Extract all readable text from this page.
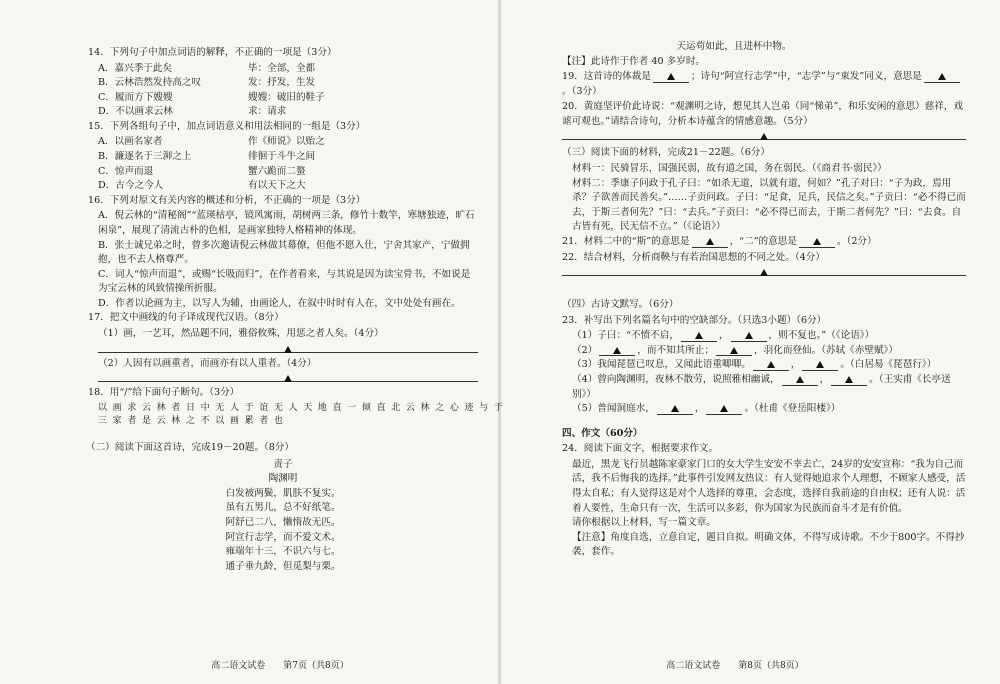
14．下列句子中加点词语的解释，不正确的一项是（3分）

A．嘉兴季于此矣	毕：全部，全都

B．云林浩然发持高之叹	发：抒发，生发

C．履而方下嫂嫂	嫂嫂：破旧的鞋子

D．不以画求云林	求：请求

15．下列各组句子中，加点词语意义和用法相同的一组是（3分）

A．以画名家者	作《师说》以贻之

B．濂逐名于三泖之上	徘徊于斗牛之间

C．惊声而退	蟹六跪而二螯

D．古今之今人	有以天下之大

16．下列对原文有关内容的概述和分析，不正确的一项是（3分）

A．倪云林的“清秘阁”“蓝瑛枯亭，镜风寓雨，胡树两三条，修竹十数竿，寒塘独迹，旷石闲泉”，展现了清流古朴的色相，是画家独特人格精神的体现。

B．张士诚兄弟之时，曾多次邀请倪云林做其幕僚，但他不愿入仕，宁舍其家产，宁做拥抱，也不去人格尊严。

C．词人“惊声而退”，或赐“长吸而归”，在作者看来，与其说是因为读宝骨书，不如说是为宝云林的风致情操所折服。

D．作者以论画为主，以写人为辅，由画论人，在叙中时时有人在，文中处处有画在。

17．把文中画线的句子译成现代汉语。（8分）

（1）画，一艺耳，然品题不同，雅俗攸殊，用惩之者人矣。（4分）

（2）人因有以画重者，而画亦有以人重者。（4分）

18．用“/”给下面句子断句。（3分）

以 画 求 云 林 者 日 中 无 人 于 谊 无 人 天 地 直 一 倾 直 北 云 林 之 心 迹 与 于

三 家 者 是 云 林 之 不 以 画 累 者 也

（二）阅读下面这首诗，完成19－20题。（8分）

责子

陶渊明

白发被两鬓，肌肤不复实。

虽有五男儿，总不好纸笔。

阿舒已二八，懒惰故无匹。

阿宣行志学，而不爱文术。

雍端年十三，不识六与七。

通子垂九龄，但觅梨与栗。

高二语文试卷　　第7页（共8页）

天运苟如此，且进杯中物。

【注】此诗作于作者 40 多岁时。

19．这首诗的体裁是	；诗句“阿宣行志学”中，“志学”与“束发”同义，意思是。（3分）

20．黄庭坚评价此诗说：“观渊明之诗，想见其人岂弟（同“悌弟”，和乐安闲的意思）慈祥，戏谑可观也。”请结合诗句，分析本诗蕴含的情感意趣。（5分）

（三）阅读下面的材料，完成21－22题。（6分）

材料一：民骑冒乐，国强民弱，故有道之国，务在弱民。（《商君书·弱民》）

材料二：季康子问政于孔子曰：“如杀无道，以就有道，何如？”孔子对曰：“子为政，焉用杀？子欲善而民善矣。”……子贡问政。子曰：“足食，足兵，民信之矣。”子贡曰：“必不得已而去，于斯三者何先？”曰：“去兵。”子贡曰：“必不得已而去，于斯二者何先？”曰：“去食。自古皆有死，民无信不立。”（《论语》）

21．材料二中的“斯”的意思是	，“二”的意思是	。（2分）

22．结合材料，分析商鞅与有若治国思想的不同之处。（4分）

（四）古诗文默写。（6分）

23．补写出下列名篇名句中的空缺部分。（只选3小题）（6分）

（1）子曰：“不愤不启，	，	，则不复也。”（《论语》）

（2）	，而不知其所止；	，羽化而登仙。（苏轼《赤壁赋》）

（3）我闻琵琶已叹息，又闻此语重唧唧。	，	。（白居易《琵琶行》）

（4）曾向陶渊明，夜林不散劳，说照雅相幽诚，	，	。（王实甫《长亭送别》）

（5）普闻洞庭水，	，	。（杜甫《登岳阳楼》）

四、作文（60分）

24．阅读下面文字，根据要求作文。

最近，黑龙飞行员越陈家豪家门口的女大学生安安不幸去亡，24岁的安安宣称：“我为自己而活，我不后悔我的选择。”此事件引发网友热议：有人觉得她追求个人理想，不顾家人感受，活得太自私；有人觉得这是对个人选择的尊重，会态度，选择自我前途的自由权；还有人说：活着人要性，生命只有一次，生活可以多彩，你为国家为民族而奋斗才是有价值。

请你根据以上材料，写一篇文章。

【注意】角度自选，立意自定，题目自拟。明确文体，不得写成诗歌。不少于800字。不得抄袭，套作。

高二语文试卷　　第8页（共8页）
